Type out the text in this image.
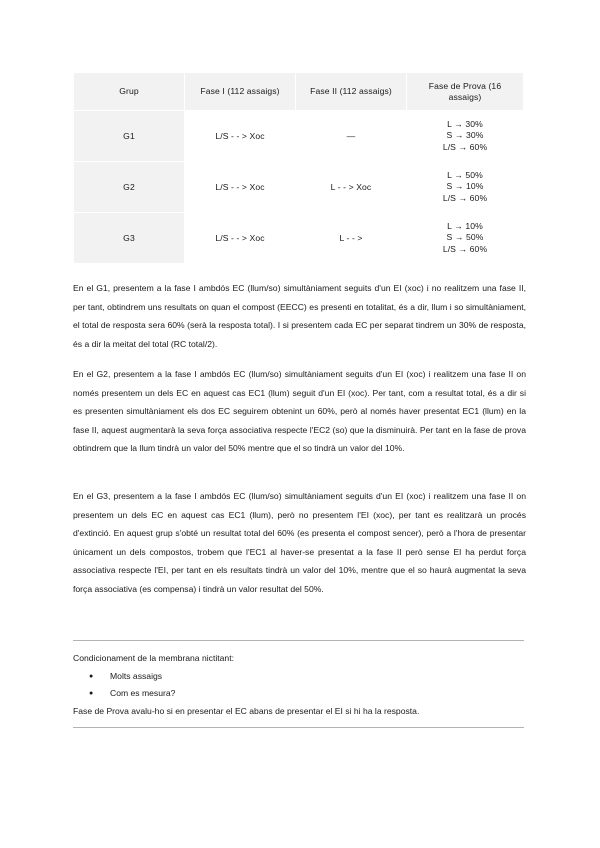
Grup	Fase I (112 assaigs)	Fase II (112 assaigs)	Fase de Prova (16 assaigs)
G1	L/S - - > Xoc	—	L → 30%
S → 30%
L/S → 60%

G2	L/S - - > Xoc	L - - > Xoc	L → 50%
S → 10%
L/S → 60%

G3	L/S - - > Xoc	L - - >	L → 10%
S → 50%
L/S → 60%

En el G1, presentem a la fase I ambdós EC (llum/so) simultàniament seguits d'un EI (xoc) i no realitzem una fase II, per tant, obtindrem uns resultats on quan el compost (EECC) es presenti en totalitat, és a dir, llum i so simultàniament, el total de resposta sera 60% (serà la resposta total). I si presentem cada EC per separat tindrem un 30% de resposta, és a dir la meitat del total (RC total/2).

En el G2, presentem a la fase I ambdós EC (llum/so) simultàniament seguits d'un EI (xoc) i realitzem una fase II on només presentem un dels EC en aquest cas EC1 (llum) seguit d'un EI (xoc). Per tant, com a resultat total, és a dir si es presenten simultàniament els dos EC seguirem obtenint un 60%, però al només haver presentat EC1 (llum) en la fase II, aquest augmentarà la seva força associativa respecte l'EC2 (so) que la disminuirà. Per tant en la fase de prova obtindrem que la llum tindrà un valor del 50% mentre que el so tindrà un valor del 10%.

En el G3, presentem a la fase I ambdós EC (llum/so) simultàniament seguits d'un EI (xoc) i realitzem una fase II on presentem un dels EC en aquest cas EC1 (llum), però no presentem l'EI (xoc), per tant es realitzarà un procés d'extinció. En aquest grup s'obté un resultat total del 60% (es presenta el compost sencer), però a l'hora de presentar únicament un dels compostos, trobem que l'EC1 al haver-se presentat a la fase II però sense EI ha perdut força associativa respecte l'EI, per tant en els resultats tindrà un valor del 10%, mentre que el so haurà augmentat la seva força associativa (es compensa) i tindrà un valor resultat del 50%.

Condicionament de la membrana nictitant:
● Molts assaigs
● Com es mesura?
Fase de Prova avalu-ho si en presentar el EC abans de presentar el EI si hi ha la resposta.
